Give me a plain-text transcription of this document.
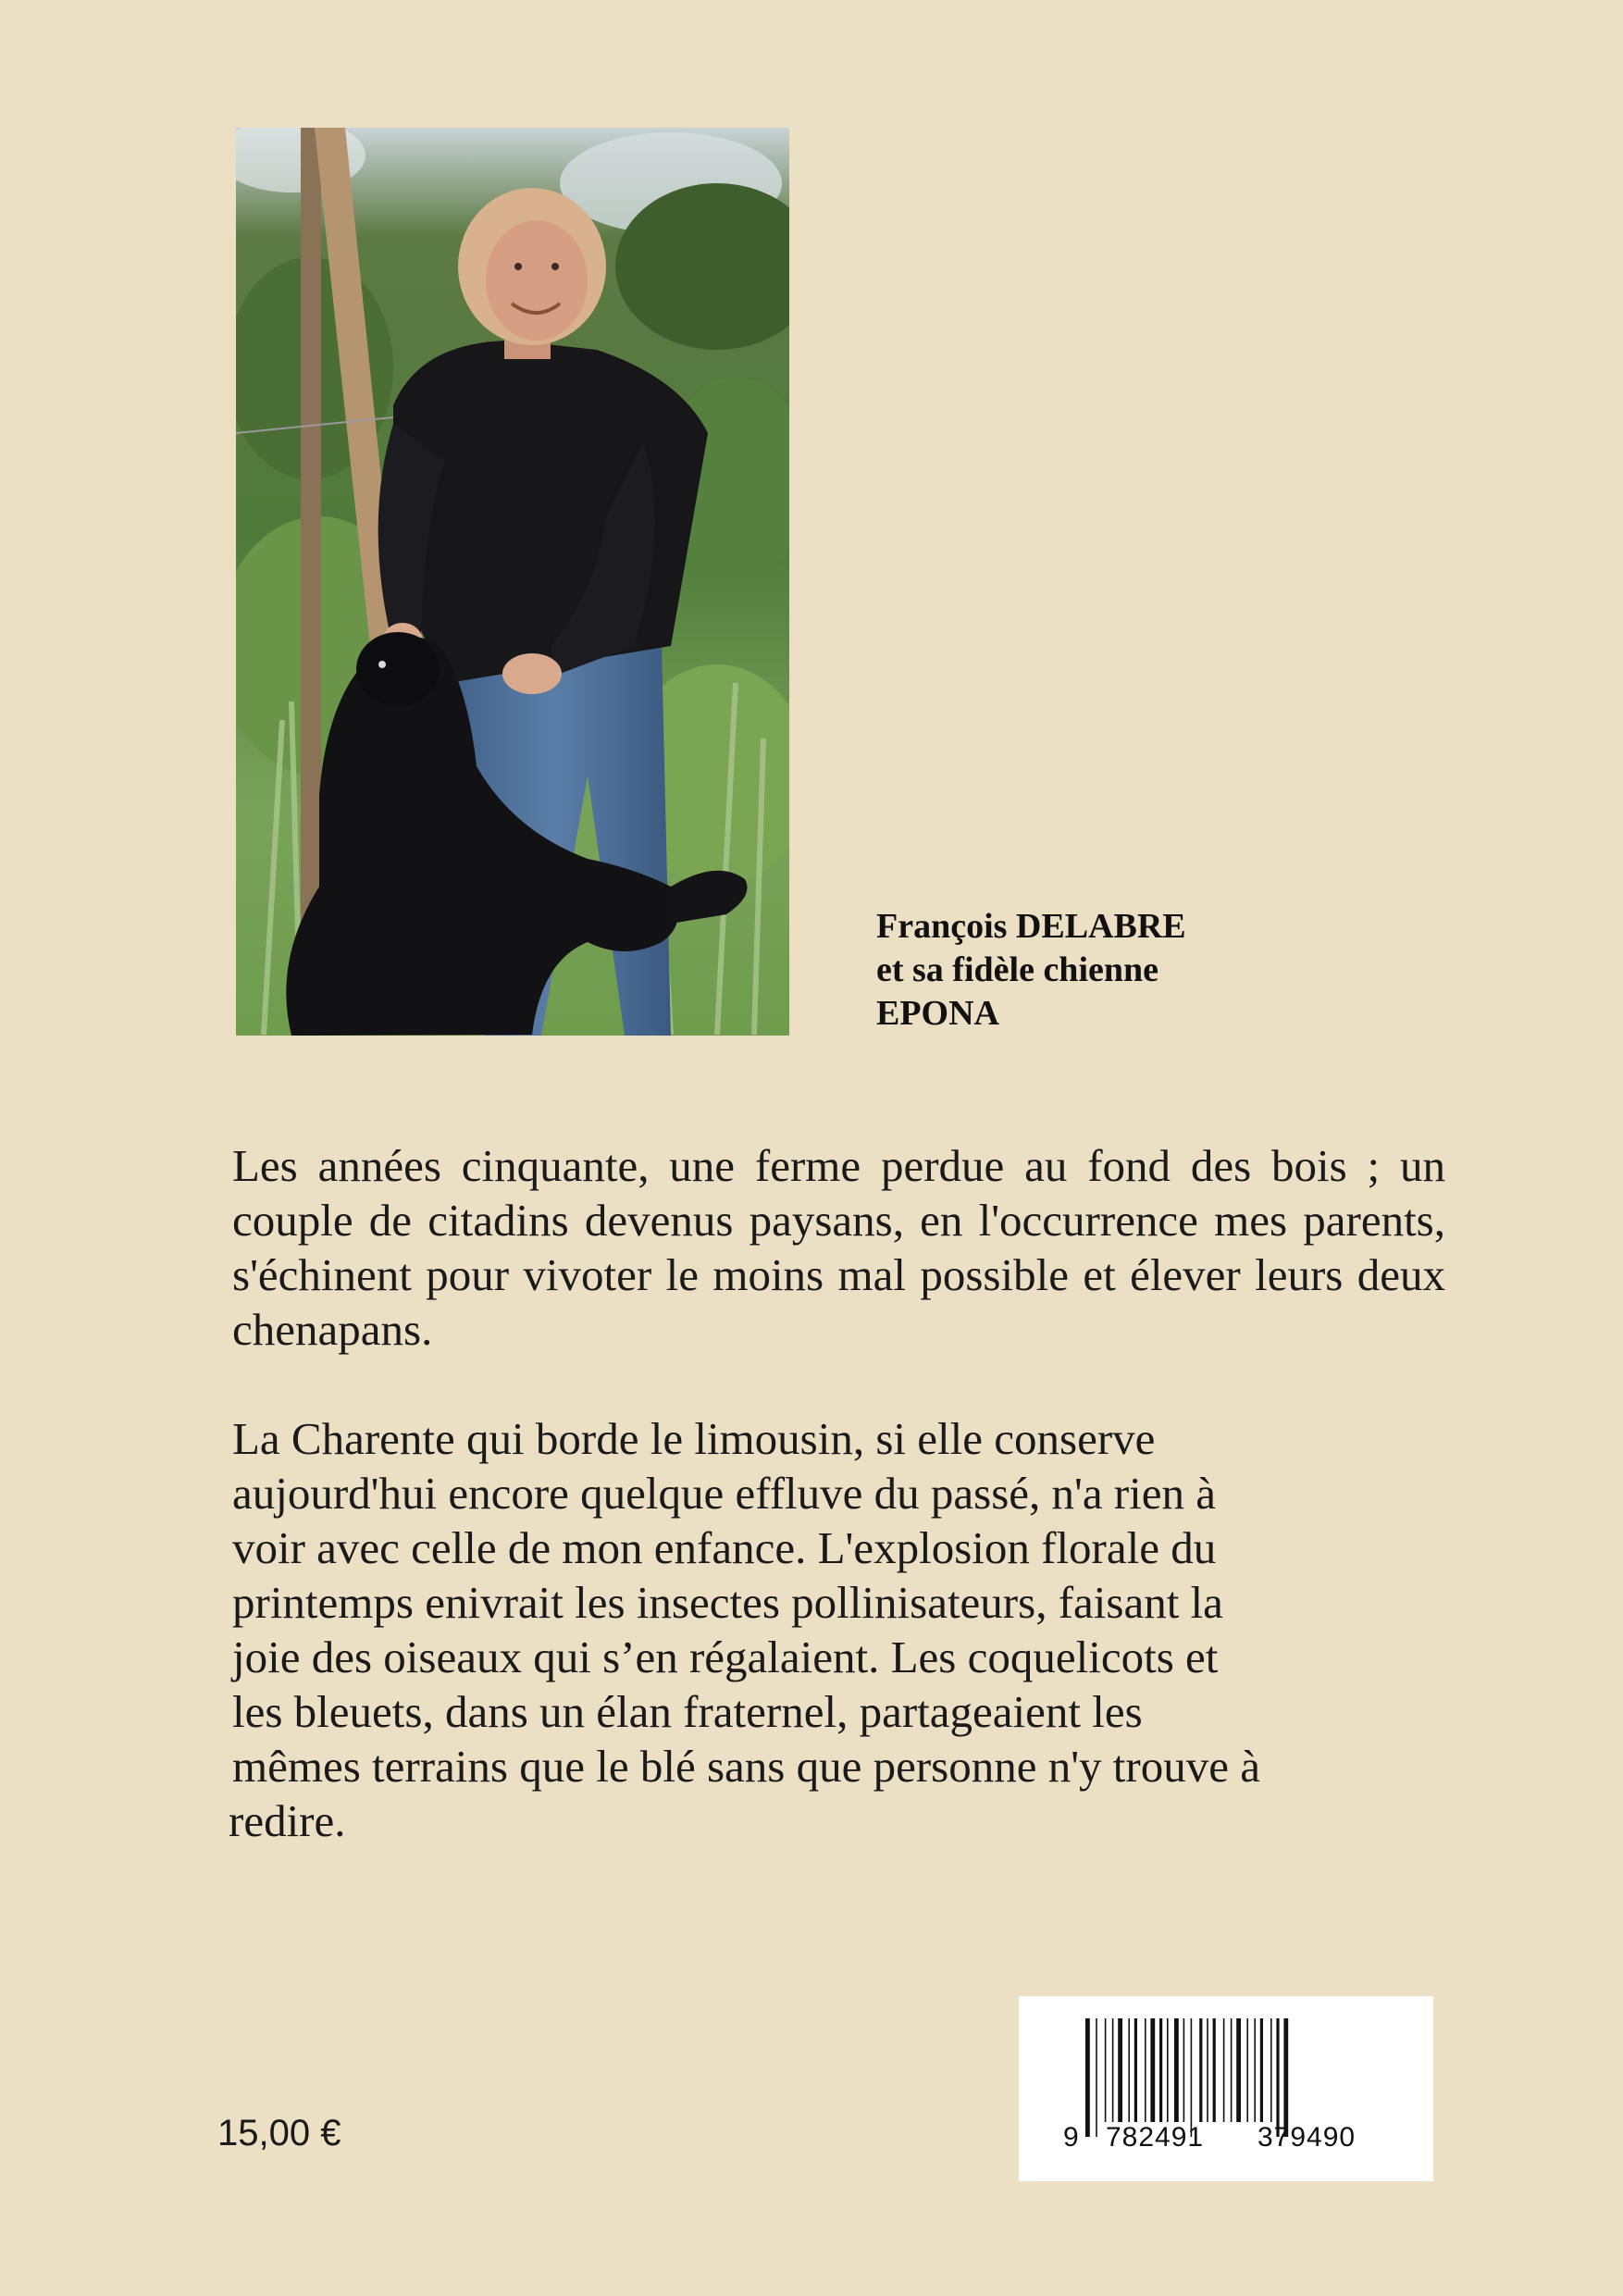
François DELABRE
et sa fidèle chienne
EPONA

Les années cinquante, une ferme perdue au fond des bois ; un couple de citadins devenus paysans, en l'occurrence mes parents, s'échinent pour vivoter le moins mal possible et élever leurs deux chenapans.

La Charente qui borde le limousin, si elle conserve
aujourd'hui encore quelque effluve du passé, n'a rien à
voir avec celle de mon enfance. L'explosion florale du
printemps enivrait les insectes pollinisateurs, faisant la
joie des oiseaux qui s’en régalaient. Les coquelicots et
les bleuets, dans un élan fraternel, partageaient les
mêmes terrains que le blé sans que personne n'y trouve à
redire.

15,00 €	9 782491 379490
